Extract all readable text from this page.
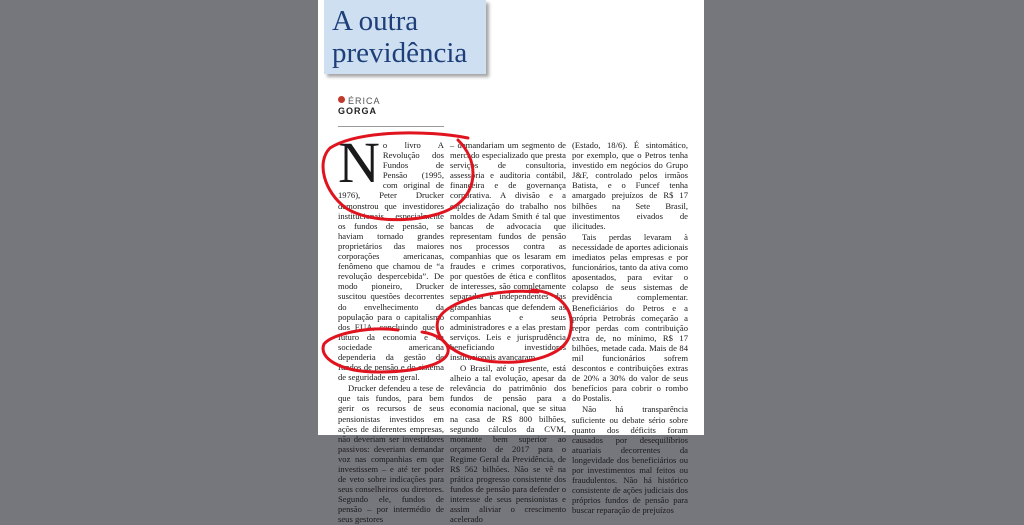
A outra
previdência
ÉRICA
GORGA

No livro A Revolução dos Fundos de Pensão (1995, com original de 1976), Peter Drucker demonstrou que investidores institucionais, especialmente os fundos de pensão, se haviam tornado grandes proprietários das maiores corporações americanas, fenômeno que chamou de “a revolução despercebida”. De modo pioneiro, Drucker suscitou questões decorrentes do envelhecimento da população para o capitalismo dos EUA, concluindo que o futuro da economia e da sociedade americana dependeria da gestão de fundos de pensão e do sistema de seguridade em geral.

Drucker defendeu a tese de que tais fundos, para bem gerir os recursos de seus pensionistas investidos em ações de diferentes empresas, não deveriam ser investidores passivos: deveriam demandar voz nas companhias em que investissem – e até ter poder de veto sobre indicações para seus conselheiros ou diretores. Segundo ele, fundos de pensão – por intermédio de seus gestores

– demandariam um segmento de mercado especializado que presta serviços de consultoria, assessoria e auditoria contábil, financeira e de governança corporativa. A divisão e a especialização do trabalho nos moldes de Adam Smith é tal que bancas de advocacia que representam fundos de pensão nos processos contra as companhias que os lesaram em fraudes e crimes corporativos, por questões de ética e conflitos de interesses, são completamente separadas e independentes das grandes bancas que defendem as companhias e seus administradores e a elas prestam serviços. Leis e jurisprudência beneficiando investidores institucionais avançaram.

O Brasil, até o presente, está alheio a tal evolução, apesar da relevância do patrimônio dos fundos de pensão para a economia nacional, que se situa na casa de R$ 800 bilhões, segundo cálculos da CVM, montante bem superior ao orçamento de 2017 para o Regime Geral da Previdência, de R$ 562 bilhões. Não se vê na prática progresso consistente dos fundos de pensão para defender o interesse de seus pensionistas e assim aliviar o crescimento acelerado

(Estado, 18/6). É sintomático, por exemplo, que o Petros tenha investido em negócios do Grupo J&F, controlado pelos irmãos Batista, e o Funcef tenha amargado prejuízos de R$ 17 bilhões na Sete Brasil, investimentos eivados de ilicitudes.

Tais perdas levaram à necessidade de aportes adicionais imediatos pelas empresas e por funcionários, tanto da ativa como aposentados, para evitar o colapso de seus sistemas de previdência complementar. Beneficiários do Petros e a própria Petrobrás começarão a repor perdas com contribuição extra de, no mínimo, R$ 17 bilhões, metade cada. Mais de 84 mil funcionários sofrem descontos e contribuições extras de 20% a 30% do valor de seus benefícios para cobrir o rombo do Postalis.

Não há transparência suficiente ou debate sério sobre quanto dos déficits foram causados por desequilíbrios atuariais decorrentes da longevidade dos beneficiários ou por investimentos mal feitos ou fraudulentos. Não há histórico consistente de ações judiciais dos próprios fundos de pensão para buscar reparação de prejuízos
